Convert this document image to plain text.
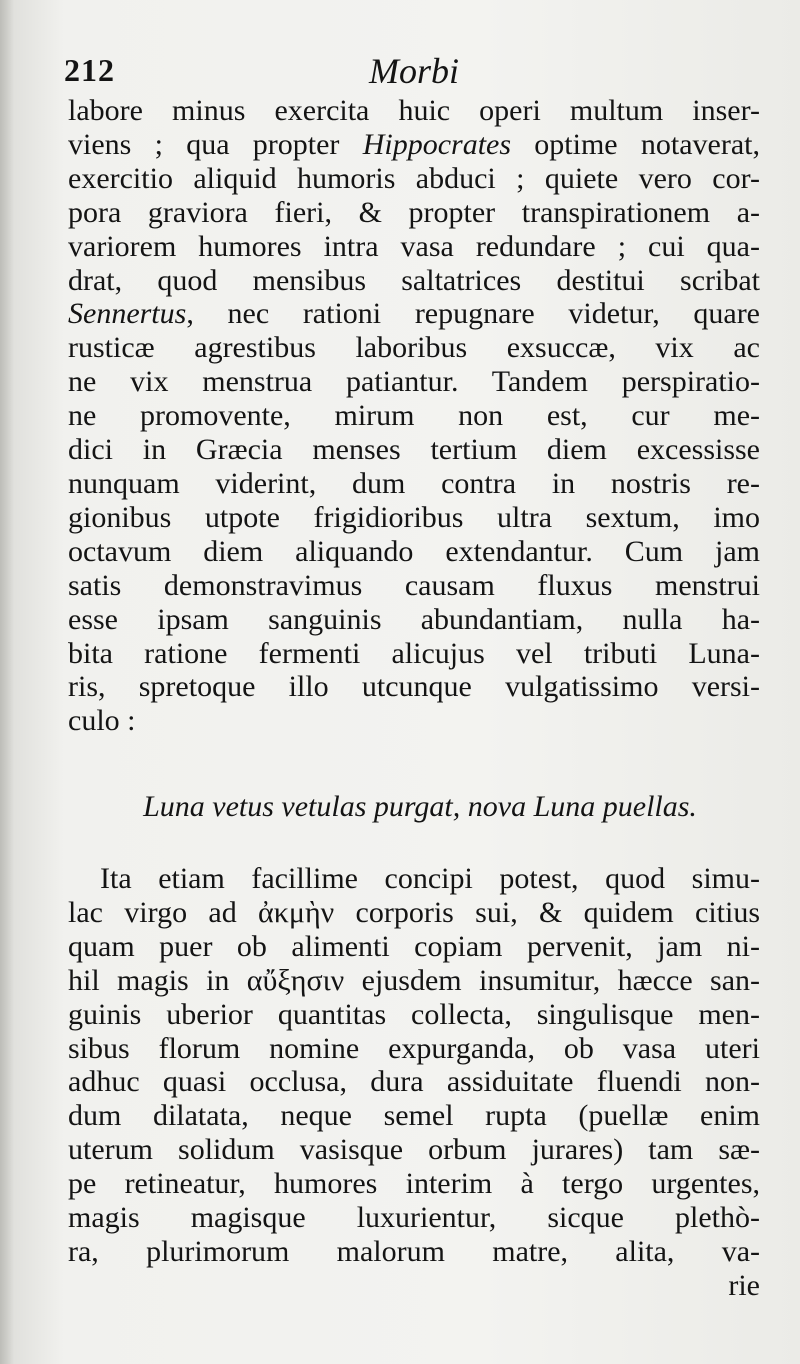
212	Morbi
labore minus exercita huic operi multum inser-
viens ; qua propter Hippocrates optime notaverat,
exercitio aliquid humoris abduci ; quiete vero cor-
pora graviora fieri, & propter transpirationem a-
variorem humores intra vasa redundare ; cui qua-
drat, quod mensibus saltatrices destitui scribat
Sennertus, nec rationi repugnare videtur, quare
rusticæ agrestibus laboribus exsuccæ, vix ac
ne vix menstrua patiantur. Tandem perspiratio-
ne promovente, mirum non est, cur me-
dici in Græcia menses tertium diem excessisse
nunquam viderint, dum contra in nostris re-
gionibus utpote frigidioribus ultra sextum, imo
octavum diem aliquando extendantur. Cum jam
satis demonstravimus causam fluxus menstrui
esse ipsam sanguinis abundantiam, nulla ha-
bita ratione fermenti alicujus vel tributi Luna-
ris, spretoque illo utcunque vulgatissimo versi-
culo :
Luna vetus vetulas purgat, nova Luna puellas.
Ita etiam facillime concipi potest, quod simu-
lac virgo ad ἀκμὴν corporis sui, & quidem citius
quam puer ob alimenti copiam pervenit, jam ni-
hil magis in αὔξησιν ejusdem insumitur, hæcce san-
guinis uberior quantitas collecta, singulisque men-
sibus florum nomine expurganda, ob vasa uteri
adhuc quasi occlusa, dura assiduitate fluendi non-
dum dilatata, neque semel rupta (puellæ enim
uterum solidum vasisque orbum jurares) tam sæ-
pe retineatur, humores interim à tergo urgentes,
magis magisque luxurientur, sicque plethò-
ra, plurimorum malorum matre, alita, va-
rie
